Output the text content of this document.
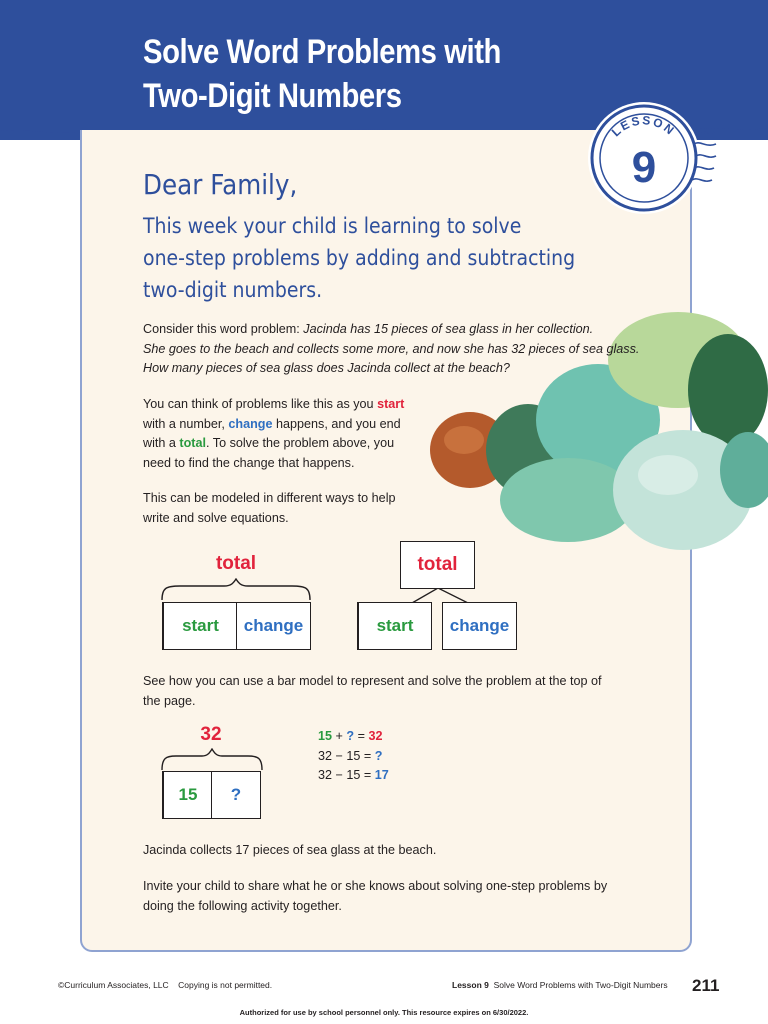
Solve Word Problems with
Two-Digit Numbers
LESSON
9
Dear Family,
This week your child is learning to solve
one-step problems by adding and subtracting
two-digit numbers.
Consider this word problem: Jacinda has 15 pieces of sea glass in her collection.
She goes to the beach and collects some more, and now she has 32 pieces of sea glass.
How many pieces of sea glass does Jacinda collect at the beach?
You can think of problems like this as you start
with a number, change happens, and you end
with a total. To solve the problem above, you
need to find the change that happens.
This can be modeled in different ways to help
write and solve equations.
total
start change
total
start change
See how you can use a bar model to represent and solve the problem at the top of
the page.
32
15 ?
15 + ? = 32
32 − 15 = ?
32 − 15 = 17
Jacinda collects 17 pieces of sea glass at the beach.
Invite your child to share what he or she knows about solving one-step problems by
doing the following activity together.
©Curriculum Associates, LLC    Copying is not permitted.	Lesson 9 Solve Word Problems with Two-Digit Numbers 211
Authorized for use by school personnel only. This resource expires on 6/30/2022.
